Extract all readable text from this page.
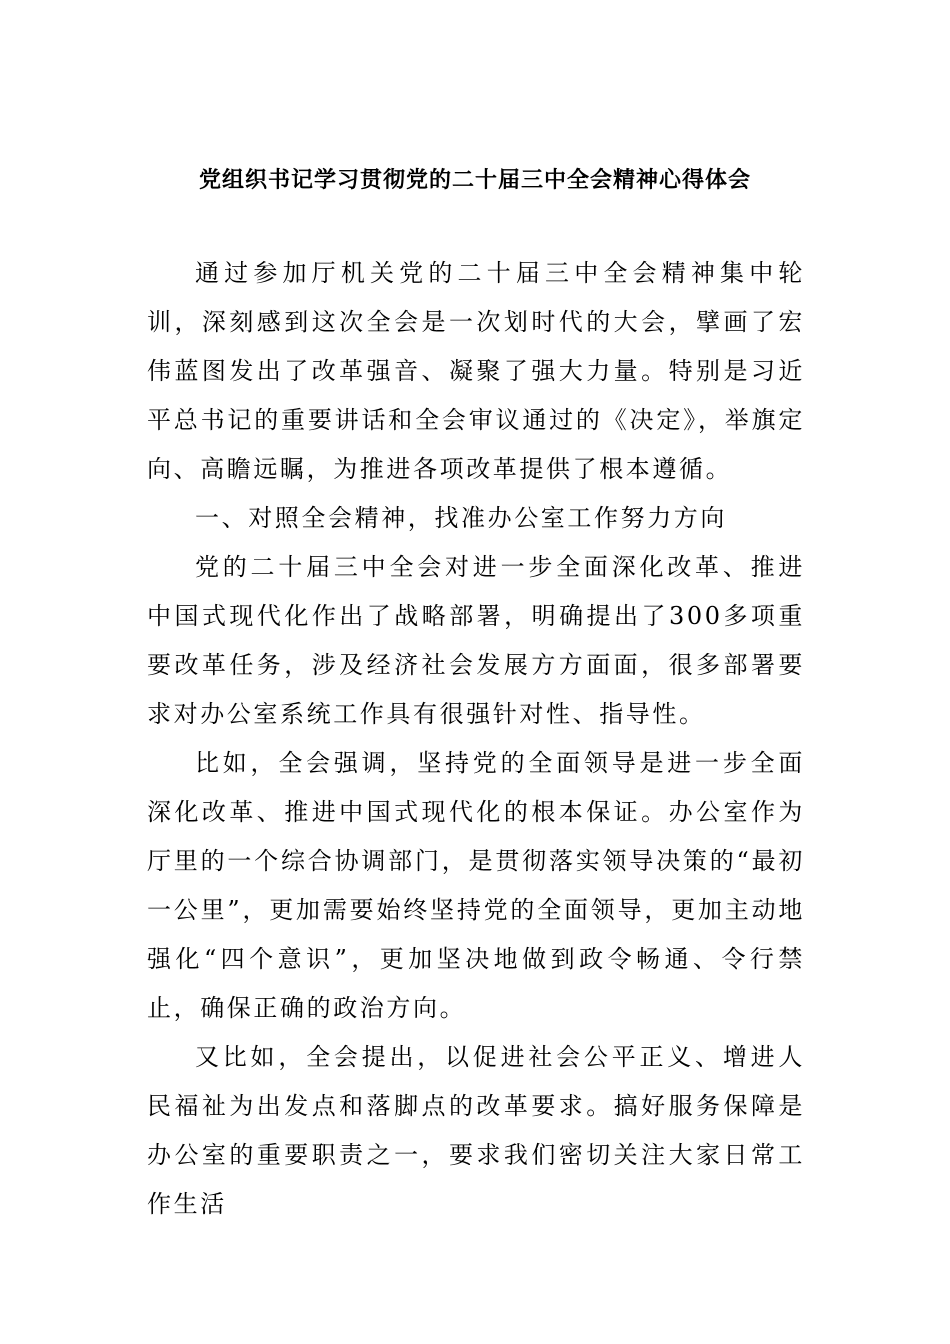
党组织书记学习贯彻党的二十届三中全会精神心得体会

通过参加厅机关党的二十届三中全会精神集中轮训，深刻感到这次全会是一次划时代的大会，擘画了宏伟蓝图发出了改革强音、凝聚了强大力量。特别是习近平总书记的重要讲话和全会审议通过的《决定》，举旗定向、高瞻远瞩，为推进各项改革提供了根本遵循。

一、对照全会精神，找准办公室工作努力方向

党的二十届三中全会对进一步全面深化改革、推进中国式现代化作出了战略部署，明确提出了300多项重要改革任务，涉及经济社会发展方方面面，很多部署要求对办公室系统工作具有很强针对性、指导性。

比如，全会强调，坚持党的全面领导是进一步全面深化改革、推进中国式现代化的根本保证。办公室作为厅里的一个综合协调部门，是贯彻落实领导决策的“最初一公里”，更加需要始终坚持党的全面领导，更加主动地强化“四个意识”，更加坚决地做到政令畅通、令行禁止，确保正确的政治方向。

又比如，全会提出，以促进社会公平正义、增进人民福祉为出发点和落脚点的改革要求。搞好服务保障是办公室的重要职责之一，要求我们密切关注大家日常工作生活
